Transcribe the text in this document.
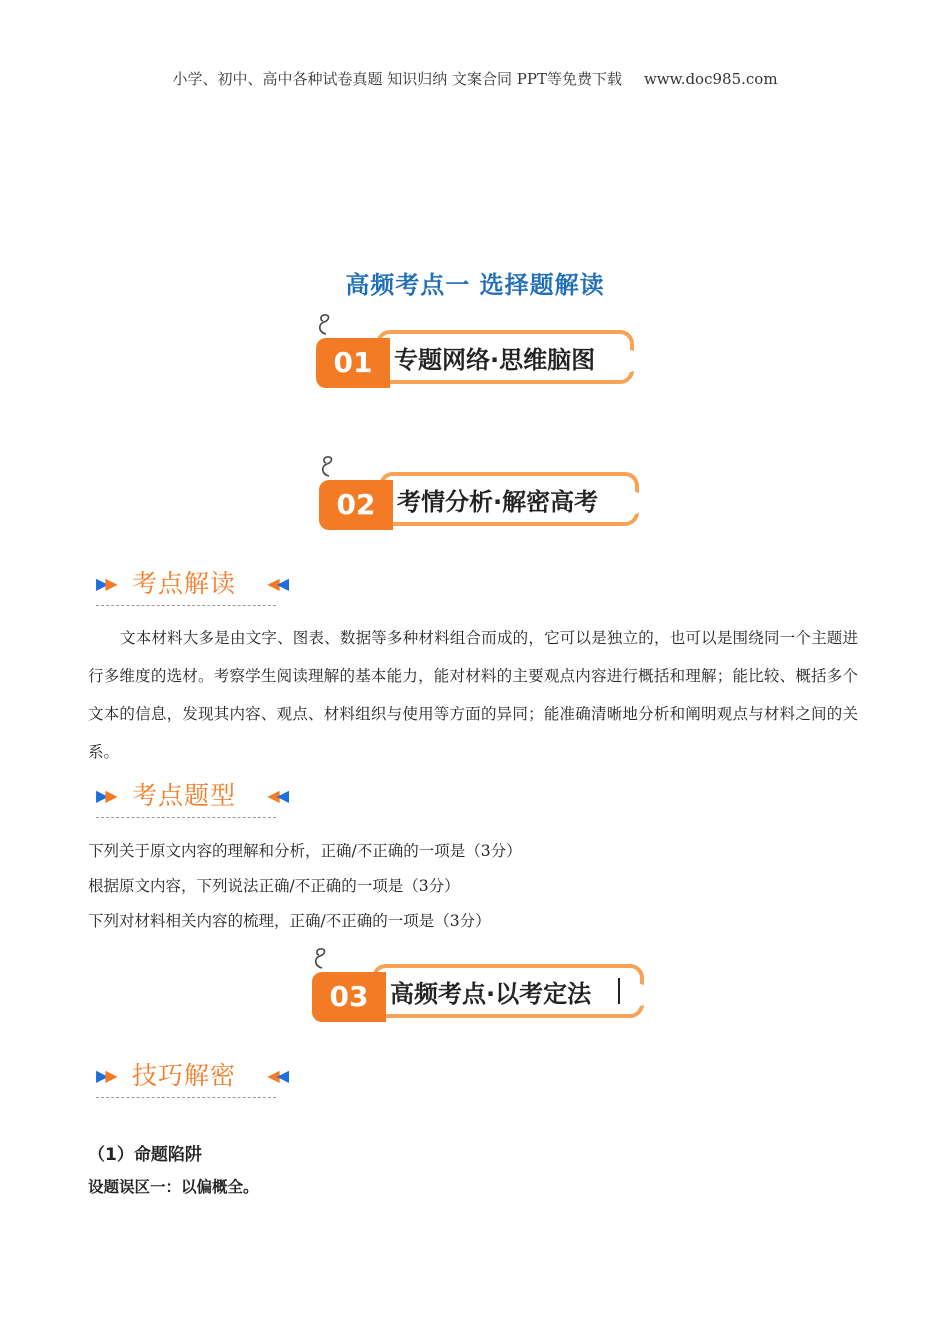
小学、初中、高中各种试卷真题 知识归纳 文案合同 PPT等免费下载 www.doc985.com
高频考点一 选择题解读
01 专题网络·思维脑图
02 考情分析·解密高考
▶▶ 考点解读 ◀◀
文本材料大多是由文字、图表、数据等多种材料组合而成的，它可以是独立的，也可以是围绕同一个主题进行多维度的选材。考察学生阅读理解的基本能力，能对材料的主要观点内容进行概括和理解；能比较、概括多个文本的信息，发现其内容、观点、材料组织与使用等方面的异同；能准确清晰地分析和阐明观点与材料之间的关系。
▶▶ 考点题型 ◀◀
下列关于原文内容的理解和分析，正确/不正确的一项是（3分）
根据原文内容，下列说法正确/不正确的一项是（3分）
下列对材料相关内容的梳理，正确/不正确的一项是（3分）
03 高频考点·以考定法
▶▶ 技巧解密 ◀◀
（1）命题陷阱
设题误区一：以偏概全。
